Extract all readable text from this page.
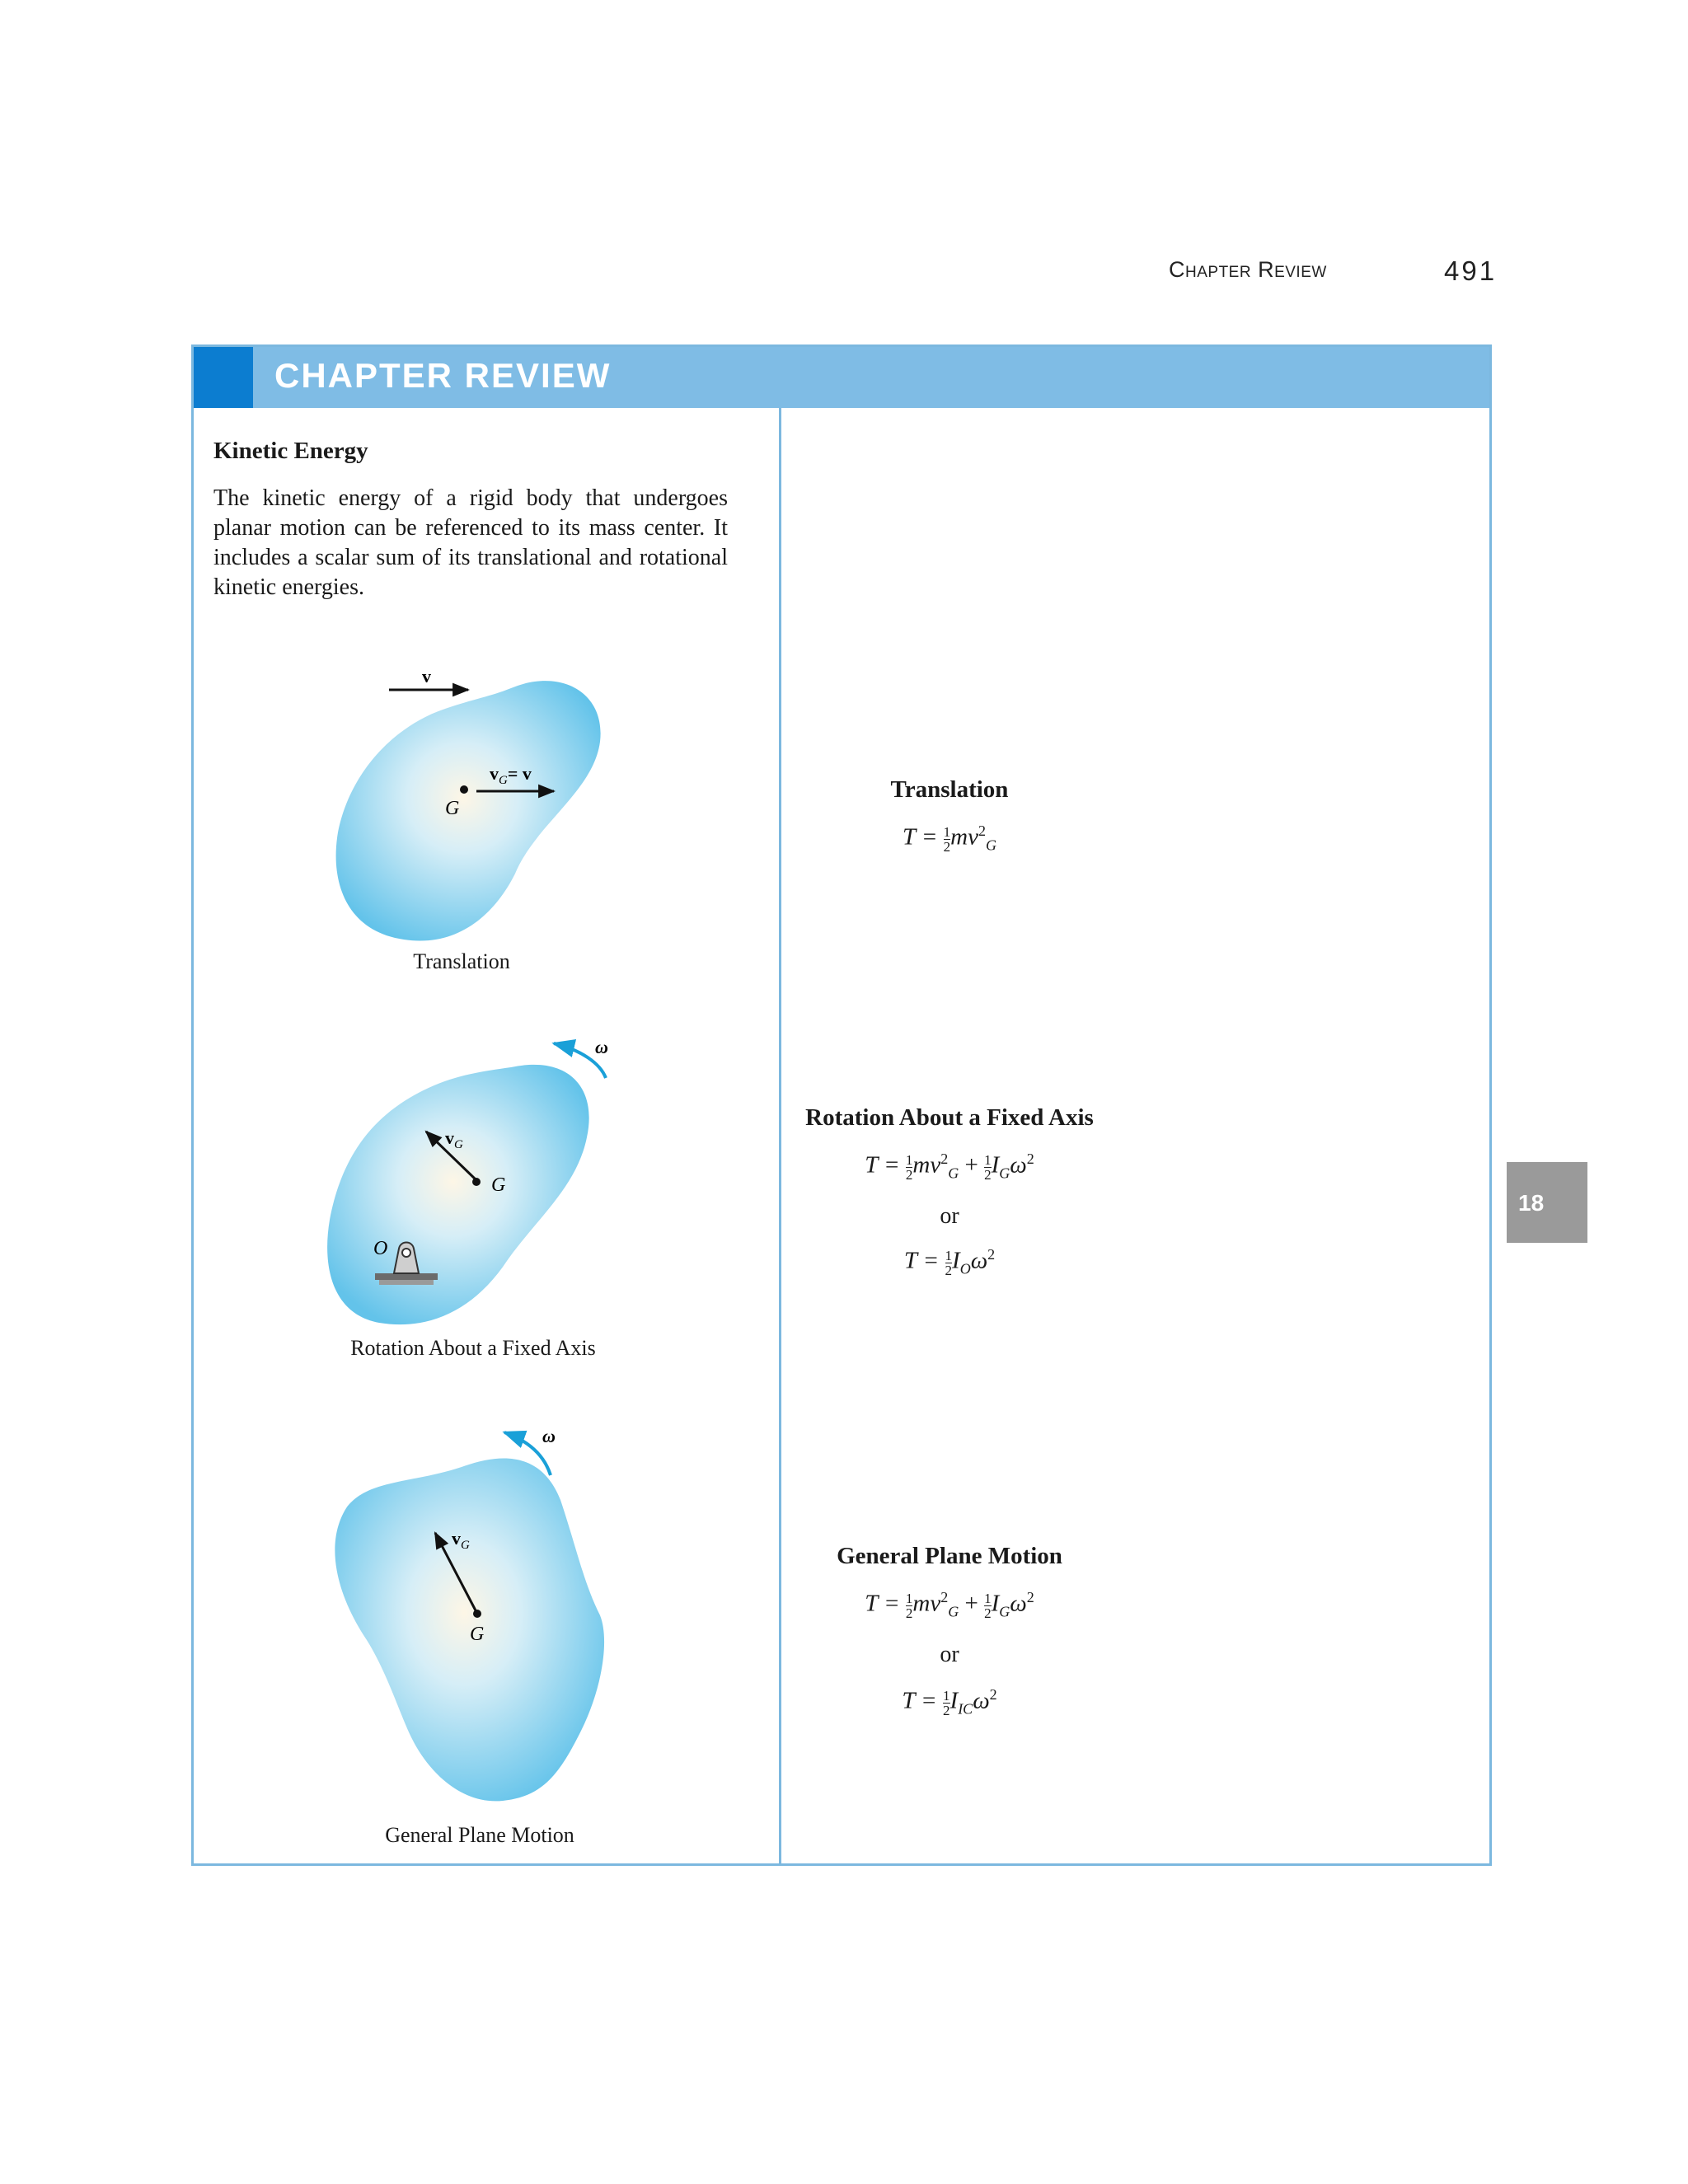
Chapter Review	491
CHAPTER REVIEW
Kinetic Energy

The kinetic energy of a rigid body that undergoes planar motion can be referenced to its mass center. It includes a scalar sum of its translational and rotational kinetic energies.

v
$v_G= v$
G
ω
$v_G$
G
O
ω
$v_G$
G
Translation
Rotation About a Fixed Axis
General Plane Motion
Translation
$T = \frac{1}{2} mv^2_G$
Rotation About a Fixed Axis
$T = \frac{1}{2} mv^2_G + \frac{1}{2} I_G\omega^2$
or
$T = \frac{1}{2} I_O\omega^2$
General Plane Motion
$T = \frac{1}{2} mv^2_G + \frac{1}{2} I_G\omega^2$
or
$T = \frac{1}{2} I_{IC}\omega^2$
18
